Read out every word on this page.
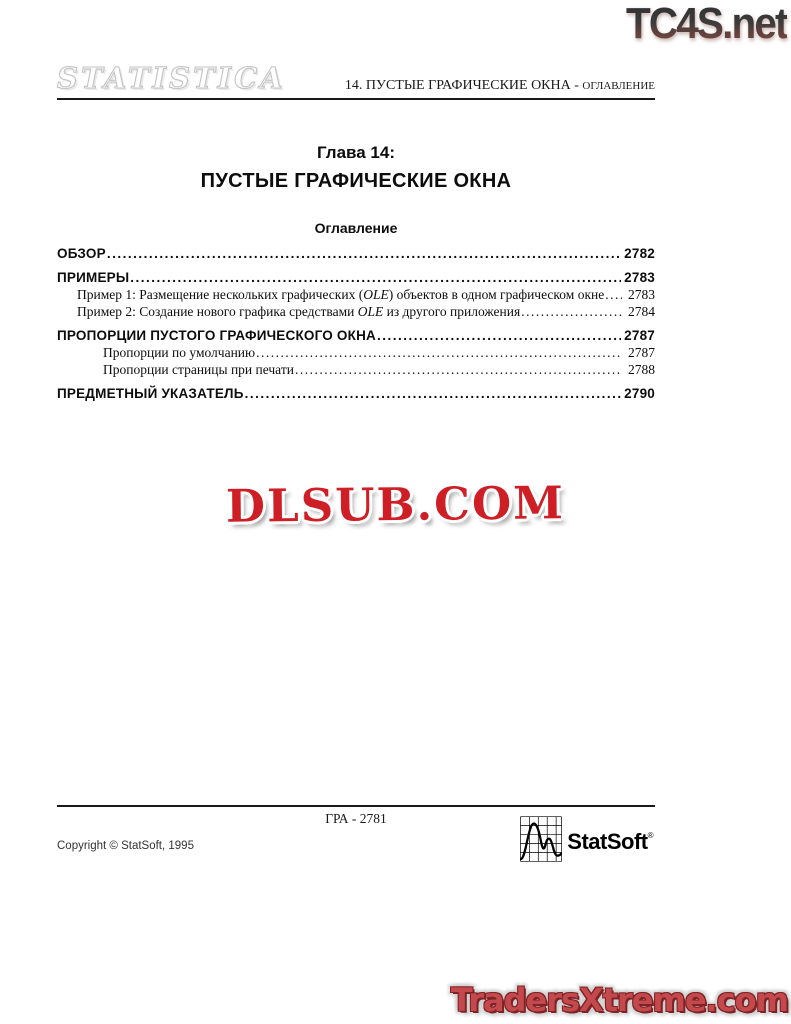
TC4S.net
STATISTICA	14. ПУСТЫЕ ГРАФИЧЕСКИЕ ОКНА - ОГЛАВЛЕНИЕ
Глава 14:
ПУСТЫЕ ГРАФИЧЕСКИЕ ОКНА
Оглавление
ОБЗОР .....	2782
ПРИМЕРЫ .....	2783
Пример 1: Размещение нескольких графических (OLE) объектов в одном графическом окне .....	2783
Пример 2: Создание нового графика средствами OLE из другого приложения .....	2784
ПРОПОРЦИИ ПУСТОГО ГРАФИЧЕСКОГО ОКНА .....	2787
Пропорции по умолчанию .....	2787
Пропорции страницы при печати .....	2788
ПРЕДМЕТНЫЙ УКАЗАТЕЛЬ .....	2790
DLSUB.COM
ГРА - 2781
Copyright © StatSoft, 1995	StatSoft®
TradersXtreme.com
